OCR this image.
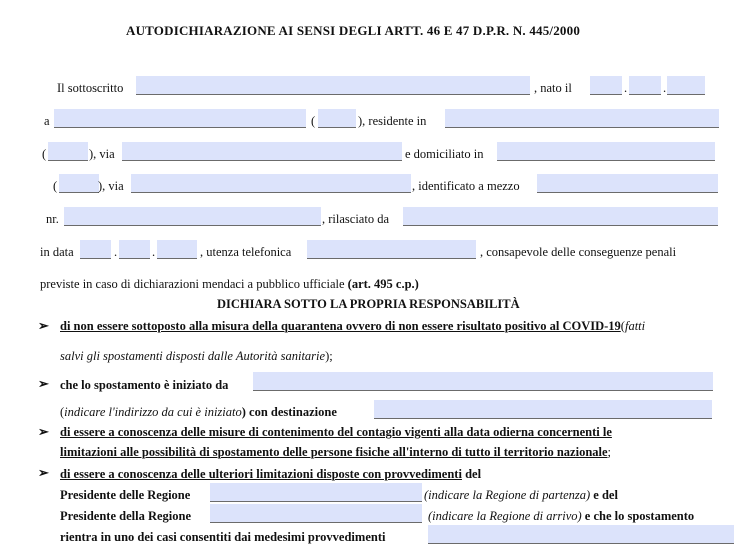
AUTODICHIARAZIONE AI SENSI DEGLI ARTT. 46 E 47 D.P.R. N. 445/2000
Il sottoscritto	, nato il	.	.
a	(	), residente in
(	), via	e domiciliato in
(	), via	, identificato a mezzo
nr.	, rilasciato da
in data	.	.	, utenza telefonica	, consapevole delle conseguenze penali
previste in caso di dichiarazioni mendaci a pubblico ufficiale (art. 495 c.p.)
DICHIARA SOTTO LA PROPRIA RESPONSABILITÀ
➢ di non essere sottoposto alla misura della quarantena ovvero di non essere risultato positivo al COVID-19(fatti
salvi gli spostamenti disposti dalle Autorità sanitarie);
➢ che lo spostamento è iniziato da
(indicare l'indirizzo da cui è iniziato) con destinazione
➢ di essere a conoscenza delle misure di contenimento del contagio vigenti alla data odierna concernenti le
limitazioni alle possibilità di spostamento delle persone fisiche all'interno di tutto il territorio nazionale;
➢ di essere a conoscenza delle ulteriori limitazioni disposte con provvedimenti del
Presidente delle Regione	(indicare la Regione di partenza) e del
Presidente della Regione	(indicare la Regione di arrivo) e che lo spostamento
rientra in uno dei casi consentiti dai medesimi provvedimenti
